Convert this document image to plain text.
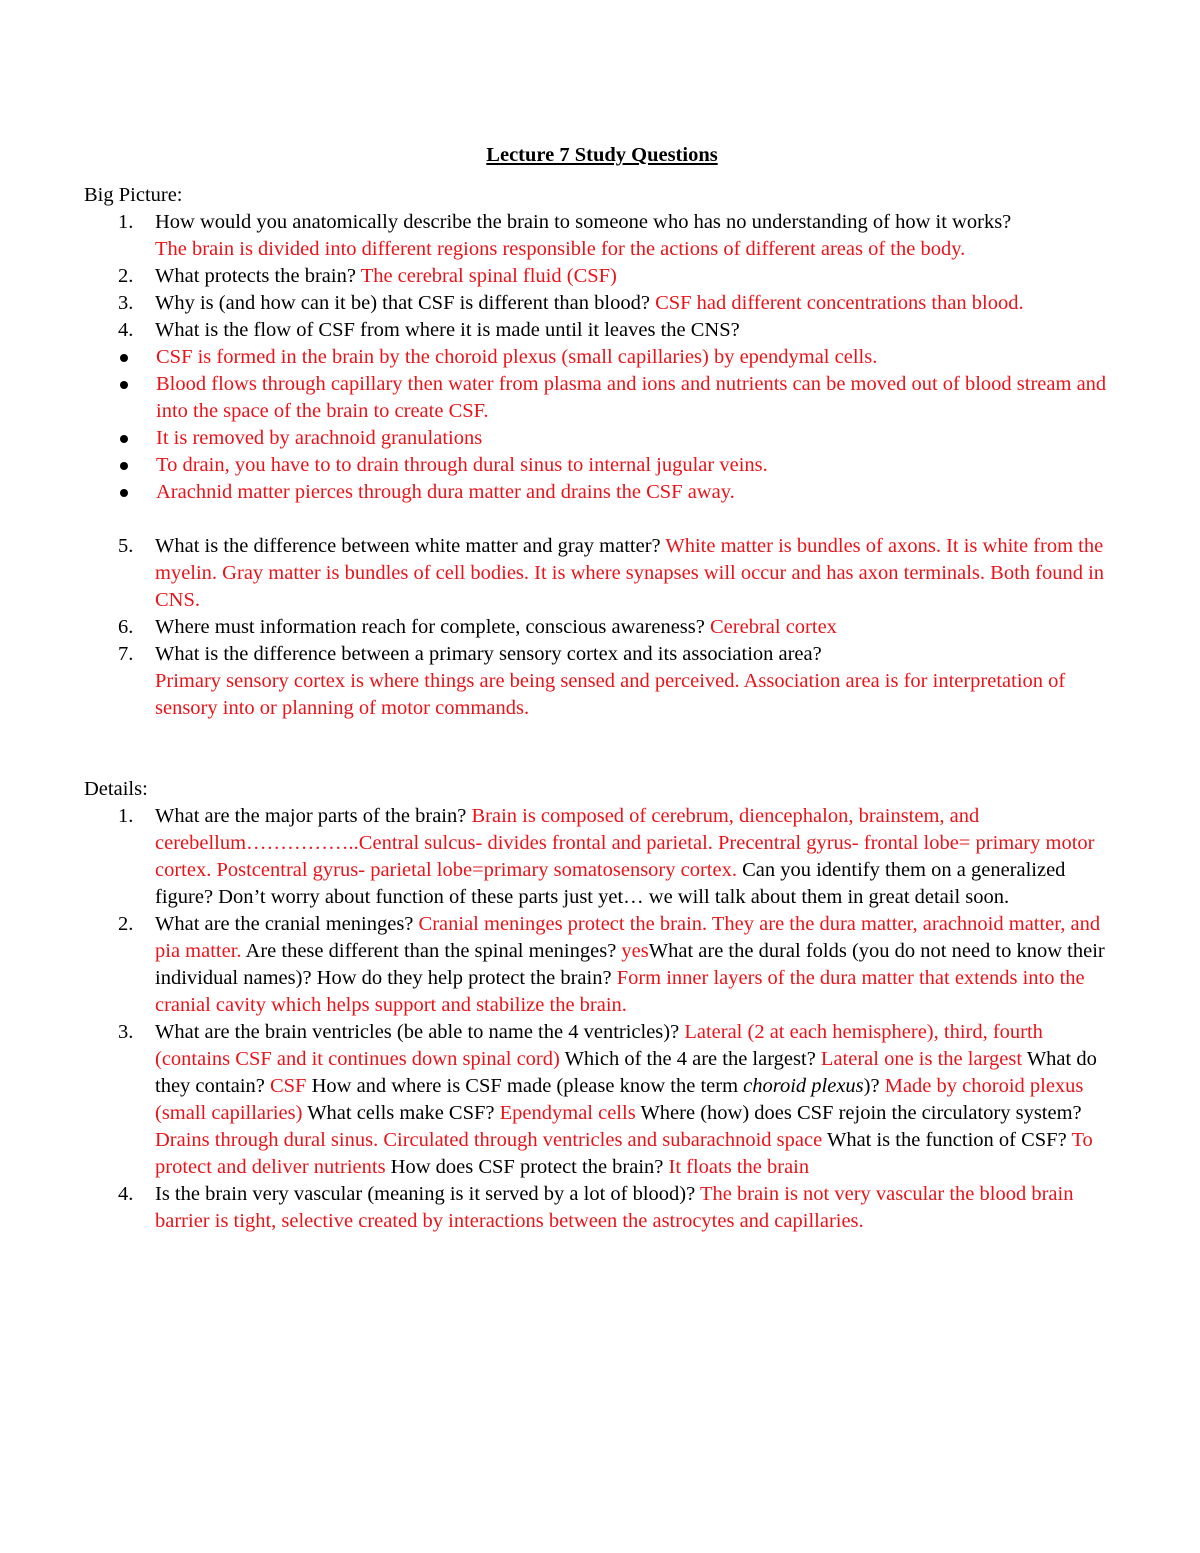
Lecture 7 Study Questions
Big Picture:
1.	How would you anatomically describe the brain to someone who has no understanding of how it works?
The brain is divided into different regions responsible for the actions of different areas of the body.
2.	What protects the brain? The cerebral spinal fluid (CSF)
3.	Why is (and how can it be) that CSF is different than blood? CSF had different concentrations than blood.
4.	What is the flow of CSF from where it is made until it leaves the CNS?
CSF is formed in the brain by the choroid plexus (small capillaries) by ependymal cells.
Blood flows through capillary then water from plasma and ions and nutrients can be moved out of blood stream and into the space of the brain to create CSF.
It is removed by arachnoid granulations
To drain, you have to to drain through dural sinus to internal jugular veins.
Arachnid matter pierces through dura matter and drains the CSF away.
5.	What is the difference between white matter and gray matter? White matter is bundles of axons. It is white from the myelin. Gray matter is bundles of cell bodies. It is where synapses will occur and has axon terminals. Both found in CNS.
6.	Where must information reach for complete, conscious awareness? Cerebral cortex
7.	What is the difference between a primary sensory cortex and its association area?
Primary sensory cortex is where things are being sensed and perceived. Association area is for interpretation of sensory into or planning of motor commands.
Details:
1.	What are the major parts of the brain? Brain is composed of cerebrum, diencephalon, brainstem, and cerebellum……………..Central sulcus- divides frontal and parietal. Precentral gyrus- frontal lobe= primary motor cortex. Postcentral gyrus- parietal lobe=primary somatosensory cortex. Can you identify them on a generalized figure? Don’t worry about function of these parts just yet… we will talk about them in great detail soon.
2.	What are the cranial meninges? Cranial meninges protect the brain. They are the dura matter, arachnoid matter, and pia matter. Are these different than the spinal meninges? yesWhat are the dural folds (you do not need to know their individual names)? How do they help protect the brain? Form inner layers of the dura matter that extends into the cranial cavity which helps support and stabilize the brain.
3.	What are the brain ventricles (be able to name the 4 ventricles)? Lateral (2 at each hemisphere), third, fourth (contains CSF and it continues down spinal cord) Which of the 4 are the largest? Lateral one is the largest What do they contain? CSF How and where is CSF made (please know the term choroid plexus)? Made by choroid plexus (small capillaries) What cells make CSF? Ependymal cells Where (how) does CSF rejoin the circulatory system? Drains through dural sinus. Circulated through ventricles and subarachnoid space What is the function of CSF? To protect and deliver nutrients How does CSF protect the brain? It floats the brain
4.	Is the brain very vascular (meaning is it served by a lot of blood)? The brain is not very vascular the blood brain barrier is tight, selective created by interactions between the astrocytes and capillaries.
